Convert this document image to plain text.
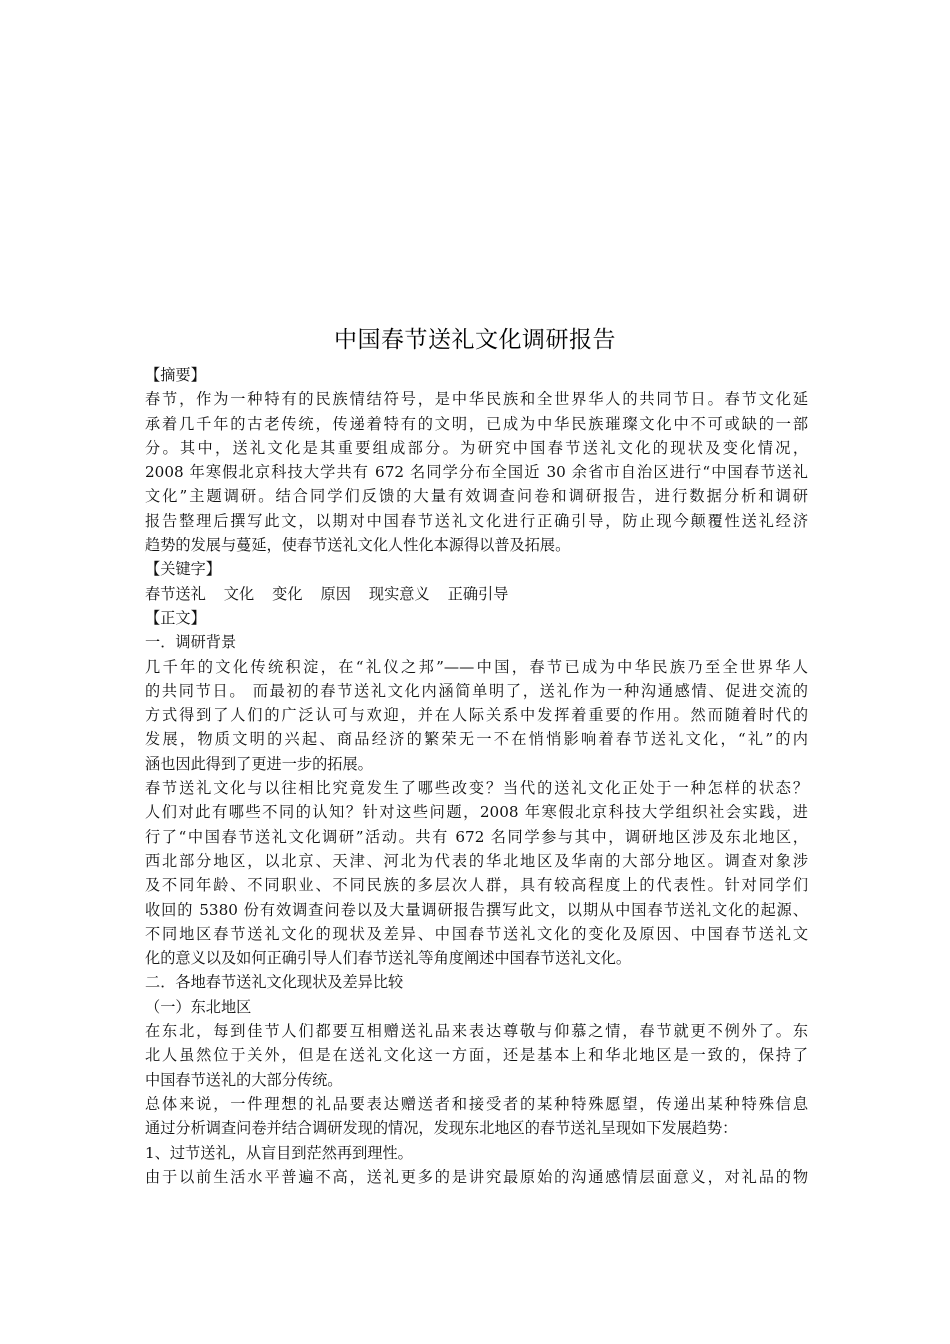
中国春节送礼文化调研报告
【摘要】
春节，作为一种特有的民族情结符号，是中华民族和全世界华人的共同节日。春节文化延
承着几千年的古老传统，传递着特有的文明，已成为中华民族璀璨文化中不可或缺的一部
分。其中，送礼文化是其重要组成部分。为研究中国春节送礼文化的现状及变化情况，
2008 年寒假北京科技大学共有 672 名同学分布全国近 30 余省市自治区进行“中国春节送礼
文化”主题调研。结合同学们反馈的大量有效调查问卷和调研报告，进行数据分析和调研
报告整理后撰写此文，以期对中国春节送礼文化进行正确引导，防止现今颠覆性送礼经济
趋势的发展与蔓延，使春节送礼文化人性化本源得以普及拓展。
【关键字】
春节送礼 文化 变化 原因 现实意义 正确引导
【正文】
一．调研背景
几千年的文化传统积淀，在“礼仪之邦”——中国，春节已成为中华民族乃至全世界华人
的共同节日。 而最初的春节送礼文化内涵简单明了，送礼作为一种沟通感情、促进交流的
方式得到了人们的广泛认可与欢迎，并在人际关系中发挥着重要的作用。然而随着时代的
发展，物质文明的兴起、商品经济的繁荣无一不在悄悄影响着春节送礼文化，“礼”的内
涵也因此得到了更进一步的拓展。
春节送礼文化与以往相比究竟发生了哪些改变？当代的送礼文化正处于一种怎样的状态？
人们对此有哪些不同的认知？针对这些问题，2008 年寒假北京科技大学组织社会实践，进
行了“中国春节送礼文化调研”活动。共有 672 名同学参与其中，调研地区涉及东北地区，
西北部分地区，以北京、天津、河北为代表的华北地区及华南的大部分地区。调查对象涉
及不同年龄、不同职业、不同民族的多层次人群，具有较高程度上的代表性。针对同学们
收回的 5380 份有效调查问卷以及大量调研报告撰写此文，以期从中国春节送礼文化的起源、
不同地区春节送礼文化的现状及差异、中国春节送礼文化的变化及原因、中国春节送礼文
化的意义以及如何正确引导人们春节送礼等角度阐述中国春节送礼文化。
二．各地春节送礼文化现状及差异比较
（一）东北地区
在东北，每到佳节人们都要互相赠送礼品来表达尊敬与仰慕之情，春节就更不例外了。东
北人虽然位于关外，但是在送礼文化这一方面，还是基本上和华北地区是一致的，保持了
中国春节送礼的大部分传统。
总体来说，一件理想的礼品要表达赠送者和接受者的某种特殊愿望，传递出某种特殊信息
通过分析调查问卷并结合调研发现的情况，发现东北地区的春节送礼呈现如下发展趋势：
1、过节送礼，从盲目到茫然再到理性。
由于以前生活水平普遍不高，送礼更多的是讲究最原始的沟通感情层面意义，对礼品的物
